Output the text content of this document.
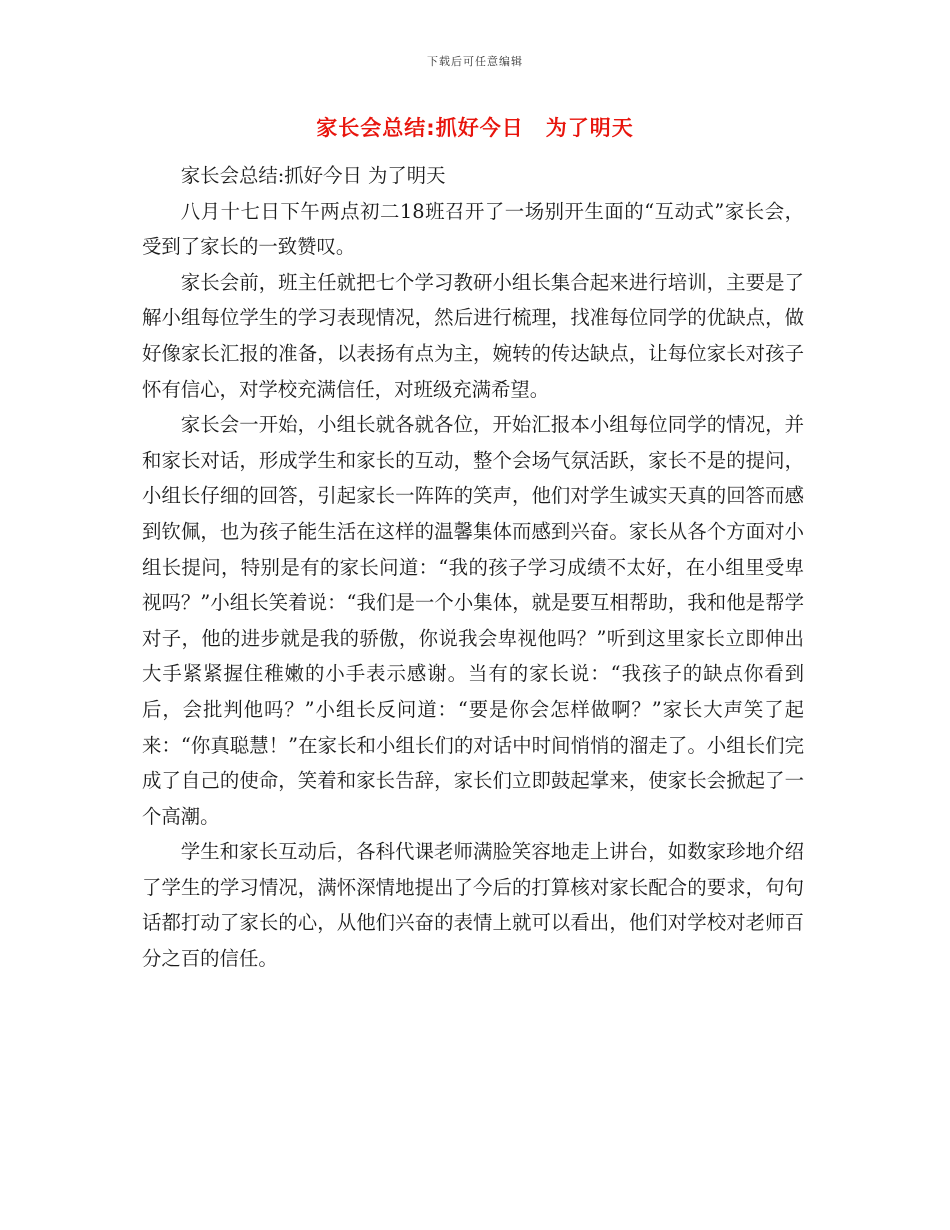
下载后可任意编辑
家长会总结:抓好今日　为了明天

家长会总结:抓好今日 为了明天

八月十七日下午两点初二18班召开了一场别开生面的“互动式”家长会，受到了家长的一致赞叹。

家长会前，班主任就把七个学习教研小组长集合起来进行培训，主要是了解小组每位学生的学习表现情况，然后进行梳理，找准每位同学的优缺点，做好像家长汇报的准备，以表扬有点为主，婉转的传达缺点，让每位家长对孩子怀有信心，对学校充满信任，对班级充满希望。

家长会一开始，小组长就各就各位，开始汇报本小组每位同学的情况，并和家长对话，形成学生和家长的互动，整个会场气氛活跃，家长不是的提问，小组长仔细的回答，引起家长一阵阵的笑声，他们对学生诚实天真的回答而感到钦佩，也为孩子能生活在这样的温馨集体而感到兴奋。家长从各个方面对小组长提问，特别是有的家长问道：“我的孩子学习成绩不太好，在小组里受卑视吗？”小组长笑着说：“我们是一个小集体，就是要互相帮助，我和他是帮学对子，他的进步就是我的骄傲，你说我会卑视他吗？”听到这里家长立即伸出大手紧紧握住稚嫩的小手表示感谢。当有的家长说：“我孩子的缺点你看到后，会批判他吗？”小组长反问道：“要是你会怎样做啊？”家长大声笑了起来：“你真聪慧！”在家长和小组长们的对话中时间悄悄的溜走了。小组长们完成了自己的使命，笑着和家长告辞，家长们立即鼓起掌来，使家长会掀起了一个高潮。

学生和家长互动后，各科代课老师满脸笑容地走上讲台，如数家珍地介绍了学生的学习情况，满怀深情地提出了今后的打算核对家长配合的要求，句句话都打动了家长的心，从他们兴奋的表情上就可以看出，他们对学校对老师百分之百的信任。
